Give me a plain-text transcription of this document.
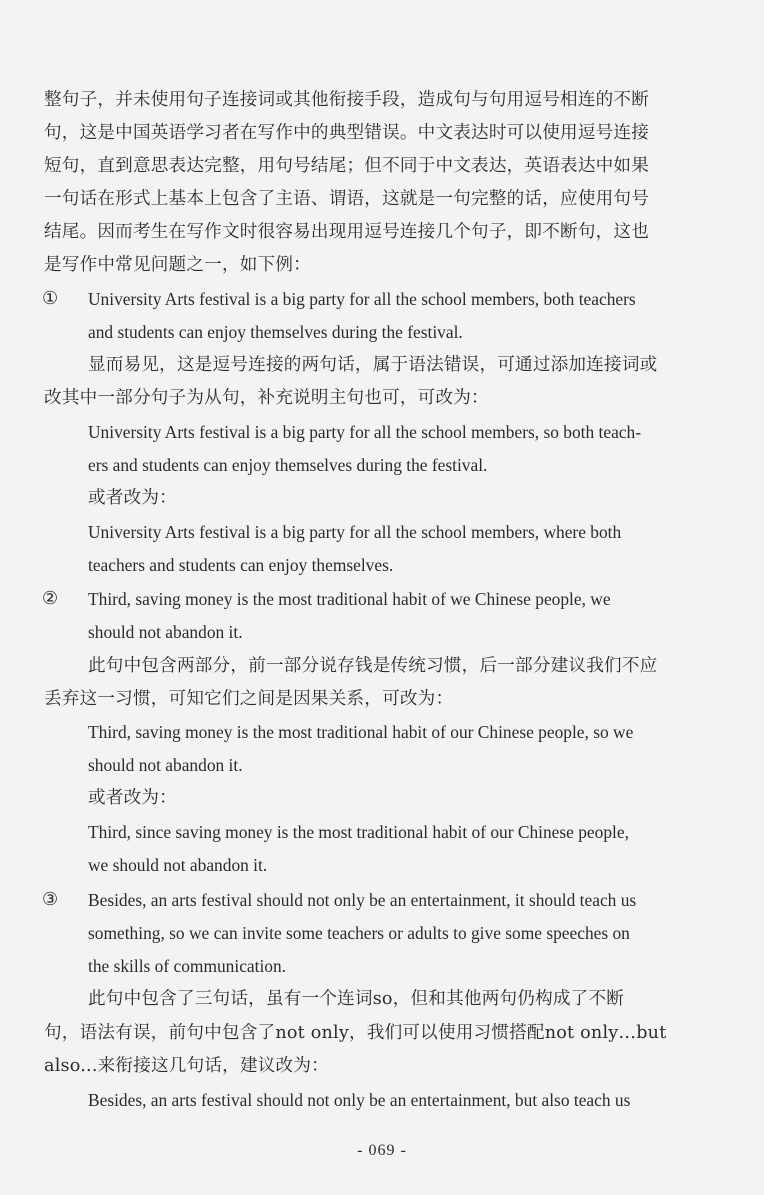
整句子，并未使用句子连接词或其他衔接手段，造成句与句用逗号相连的不断
句，这是中国英语学习者在写作中的典型错误。中文表达时可以使用逗号连接
短句，直到意思表达完整，用句号结尾；但不同于中文表达，英语表达中如果
一句话在形式上基本上包含了主语、谓语，这就是一句完整的话，应使用句号
结尾。因而考生在写作文时很容易出现用逗号连接几个句子，即不断句，这也
是写作中常见问题之一，如下例：
① University Arts festival is a big party for all the school members, both teachers
and students can enjoy themselves during the festival.
显而易见，这是逗号连接的两句话，属于语法错误，可通过添加连接词或
改其中一部分句子为从句，补充说明主句也可，可改为：
University Arts festival is a big party for all the school members, so both teach-
ers and students can enjoy themselves during the festival.
或者改为：
University Arts festival is a big party for all the school members, where both
teachers and students can enjoy themselves.
② Third, saving money is the most traditional habit of we Chinese people, we
should not abandon it.
此句中包含两部分，前一部分说存钱是传统习惯，后一部分建议我们不应
丢弃这一习惯，可知它们之间是因果关系，可改为：
Third, saving money is the most traditional habit of our Chinese people, so we
should not abandon it.
或者改为：
Third, since saving money is the most traditional habit of our Chinese people,
we should not abandon it.
③ Besides, an arts festival should not only be an entertainment, it should teach us
something, so we can invite some teachers or adults to give some speeches on
the skills of communication.
此句中包含了三句话，虽有一个连词so，但和其他两句仍构成了不断
句，语法有误，前句中包含了not only，我们可以使用习惯搭配not only…but
also...来衔接这几句话，建议改为：
Besides, an arts festival should not only be an entertainment, but also teach us
- 069 -
